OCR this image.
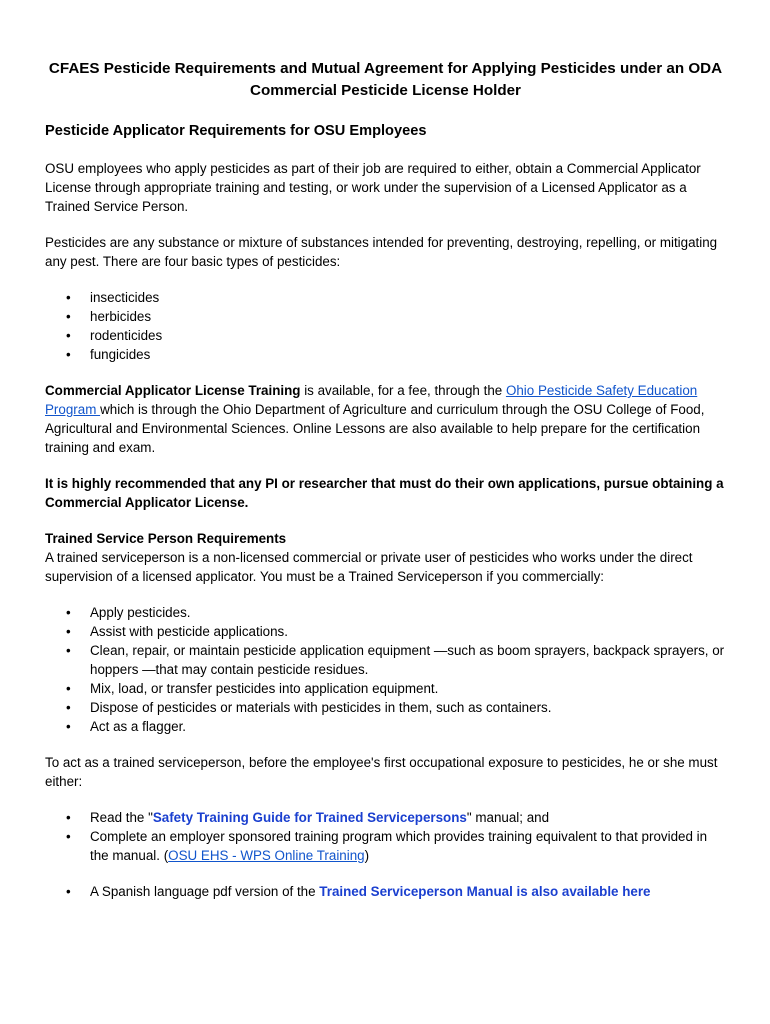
CFAES Pesticide Requirements and Mutual Agreement for Applying Pesticides under an ODA Commercial Pesticide License Holder
Pesticide Applicator Requirements for OSU Employees

OSU employees who apply pesticides as part of their job are required to either, obtain a Commercial Applicator License through appropriate training and testing, or work under the supervision of a Licensed Applicator as a Trained Service Person.

Pesticides are any substance or mixture of substances intended for preventing, destroying, repelling, or mitigating any pest. There are four basic types of pesticides:

• insecticides
• herbicides
• rodenticides
• fungicides

Commercial Applicator License Training is available, for a fee, through the Ohio Pesticide Safety Education Program which is through the Ohio Department of Agriculture and curriculum through the OSU College of Food, Agricultural and Environmental Sciences. Online Lessons are also available to help prepare for the certification training and exam.

It is highly recommended that any PI or researcher that must do their own applications, pursue obtaining a Commercial Applicator License.

Trained Service Person Requirements

A trained serviceperson is a non-licensed commercial or private user of pesticides who works under the direct supervision of a licensed applicator. You must be a Trained Serviceperson if you commercially:

• Apply pesticides.
• Assist with pesticide applications.
• Clean, repair, or maintain pesticide application equipment —such as boom sprayers, backpack sprayers, or hoppers —that may contain pesticide residues.
• Mix, load, or transfer pesticides into application equipment.
• Dispose of pesticides or materials with pesticides in them, such as containers.
• Act as a flagger.

To act as a trained serviceperson, before the employee's first occupational exposure to pesticides, he or she must either:

• Read the "Safety Training Guide for Trained Servicepersons" manual; and
• Complete an employer sponsored training program which provides training equivalent to that provided in the manual. (OSU EHS - WPS Online Training)
• A Spanish language pdf version of the Trained Serviceperson Manual is also available here
